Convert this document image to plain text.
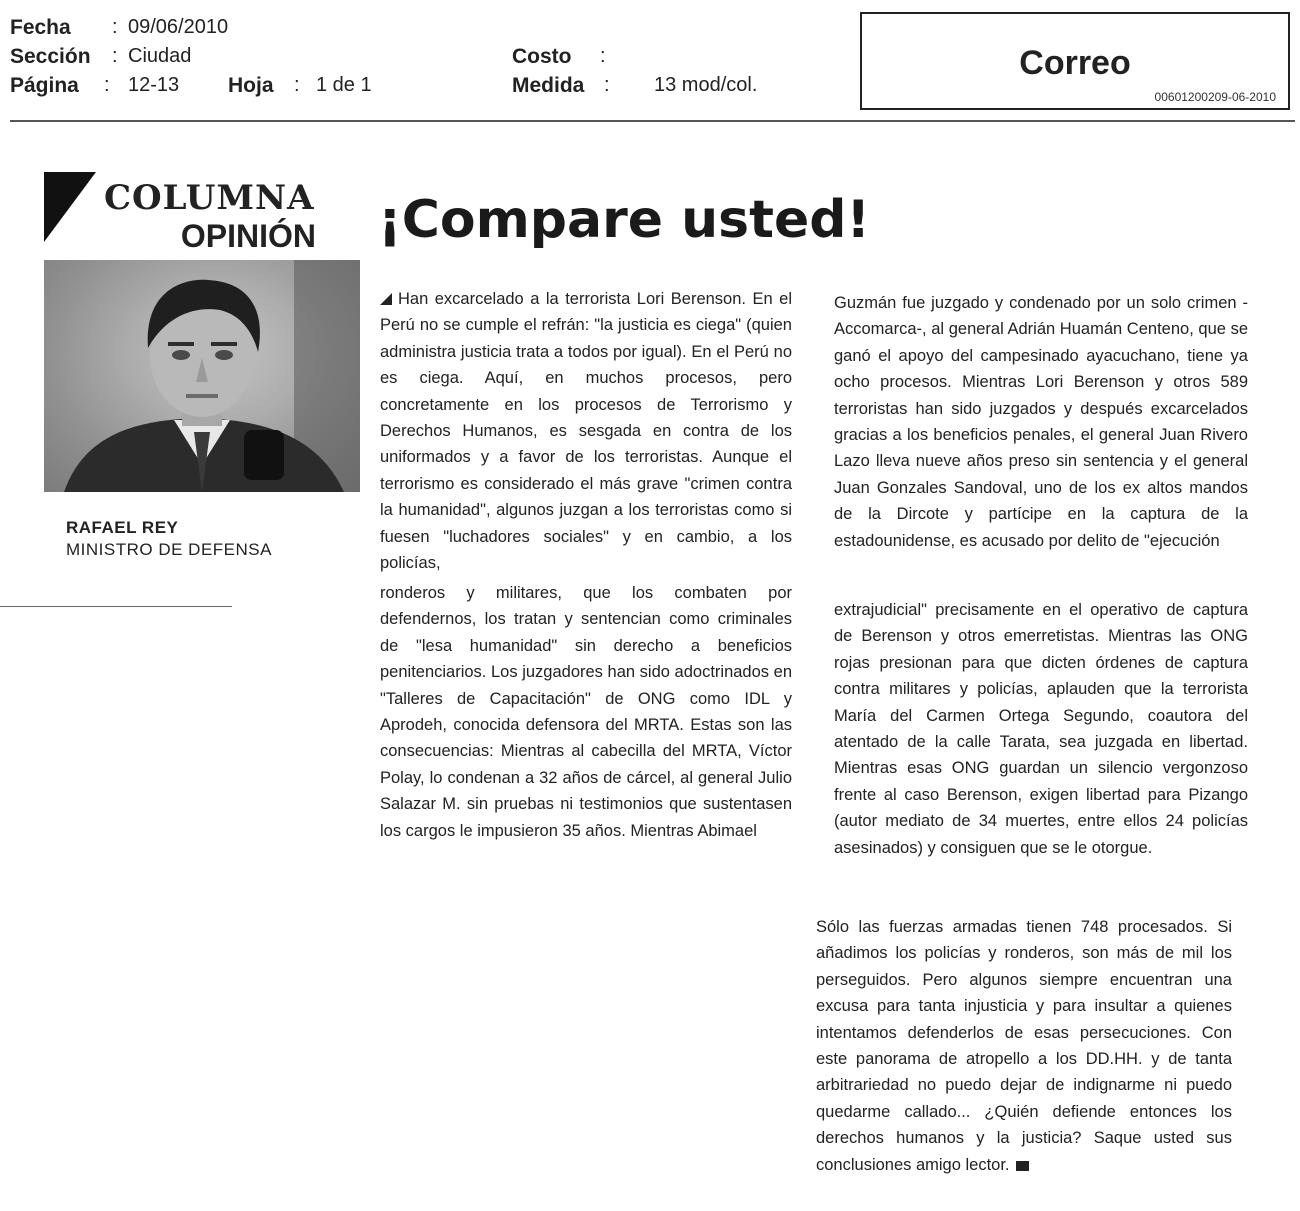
Fecha : 09/06/2010
Sección : Ciudad
Página : 12-13 Hoja : 1 de 1
Costo :
Medida : 13 mod/col.
Correo
00601200209-06-2010
COLUMNA
OPINIÓN
RAFAEL REY
MINISTRO DE DEFENSA
¡Compare usted!

Han excarcelado a la terrorista Lori Berenson. En el Perú no se cumple el refrán: "la justicia es ciega" (quien administra justicia trata a todos por igual). En el Perú no es ciega. Aquí, en muchos procesos, pero concretamente en los procesos de Terrorismo y Derechos Humanos, es sesgada en contra de los uniformados y a favor de los terroristas. Aunque el terrorismo es considerado el más grave "crimen contra la humanidad", algunos juzgan a los terroristas como si fuesen "luchadores sociales" y en cambio, a los policías,

ronderos y militares, que los combaten por defendernos, los tratan y sentencian como criminales de "lesa humanidad" sin derecho a beneficios penitenciarios. Los juzgadores han sido adoctrinados en "Talleres de Capacitación" de ONG como IDL y Aprodeh, conocida defensora del MRTA. Estas son las consecuencias: Mientras al cabecilla del MRTA, Víctor Polay, lo condenan a 32 años de cárcel, al general Julio Salazar M. sin pruebas ni testimonios que sustentasen los cargos le impusieron 35 años. Mientras Abimael

Guzmán fue juzgado y condenado por un solo crimen -Accomarca-, al general Adrián Huamán Centeno, que se ganó el apoyo del campesinado ayacuchano, tiene ya ocho procesos. Mientras Lori Berenson y otros 589 terroristas han sido juzgados y después excarcelados gracias a los beneficios penales, el general Juan Rivero Lazo lleva nueve años preso sin sentencia y el general Juan Gonzales Sandoval, uno de los ex altos mandos de la Dircote y partícipe en la captura de la estadounidense, es acusado por delito de "ejecución

extrajudicial" precisamente en el operativo de captura de Berenson y otros emerretistas. Mientras las ONG rojas presionan para que dicten órdenes de captura contra militares y policías, aplauden que la terrorista María del Carmen Ortega Segundo, coautora del atentado de la calle Tarata, sea juzgada en libertad. Mientras esas ONG guardan un silencio vergonzoso frente al caso Berenson, exigen libertad para Pizango (autor mediato de 34 muertes, entre ellos 24 policías asesinados) y consiguen que se le otorgue.

Sólo las fuerzas armadas tienen 748 procesados. Si añadimos los policías y ronderos, son más de mil los perseguidos. Pero algunos siempre encuentran una excusa para tanta injusticia y para insultar a quienes intentamos defenderlos de esas persecuciones. Con este panorama de atropello a los DD.HH. y de tanta arbitrariedad no puedo dejar de indignarme ni puedo quedarme callado... ¿Quién defiende entonces los derechos humanos y la justicia? Saque usted sus conclusiones amigo lector.
